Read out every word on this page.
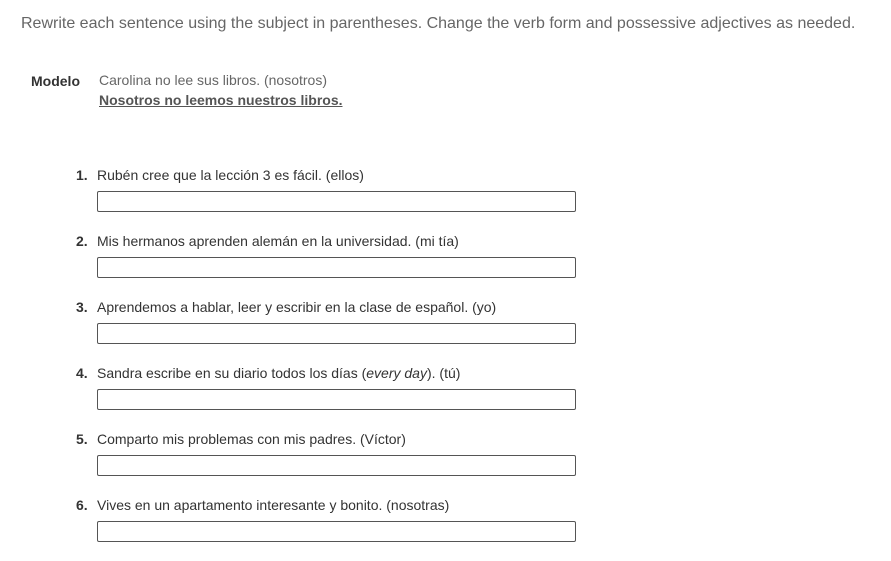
Rewrite each sentence using the subject in parentheses. Change the verb form and possessive adjectives as needed.
Modelo Carolina no lee sus libros. (nosotros)
Nosotros no leemos nuestros libros.
1. Rubén cree que la lección 3 es fácil. (ellos)
2. Mis hermanos aprenden alemán en la universidad. (mi tía)
3. Aprendemos a hablar, leer y escribir en la clase de español. (yo)
4. Sandra escribe en su diario todos los días (every day). (tú)
5. Comparto mis problemas con mis padres. (Víctor)
6. Vives en un apartamento interesante y bonito. (nosotras)
